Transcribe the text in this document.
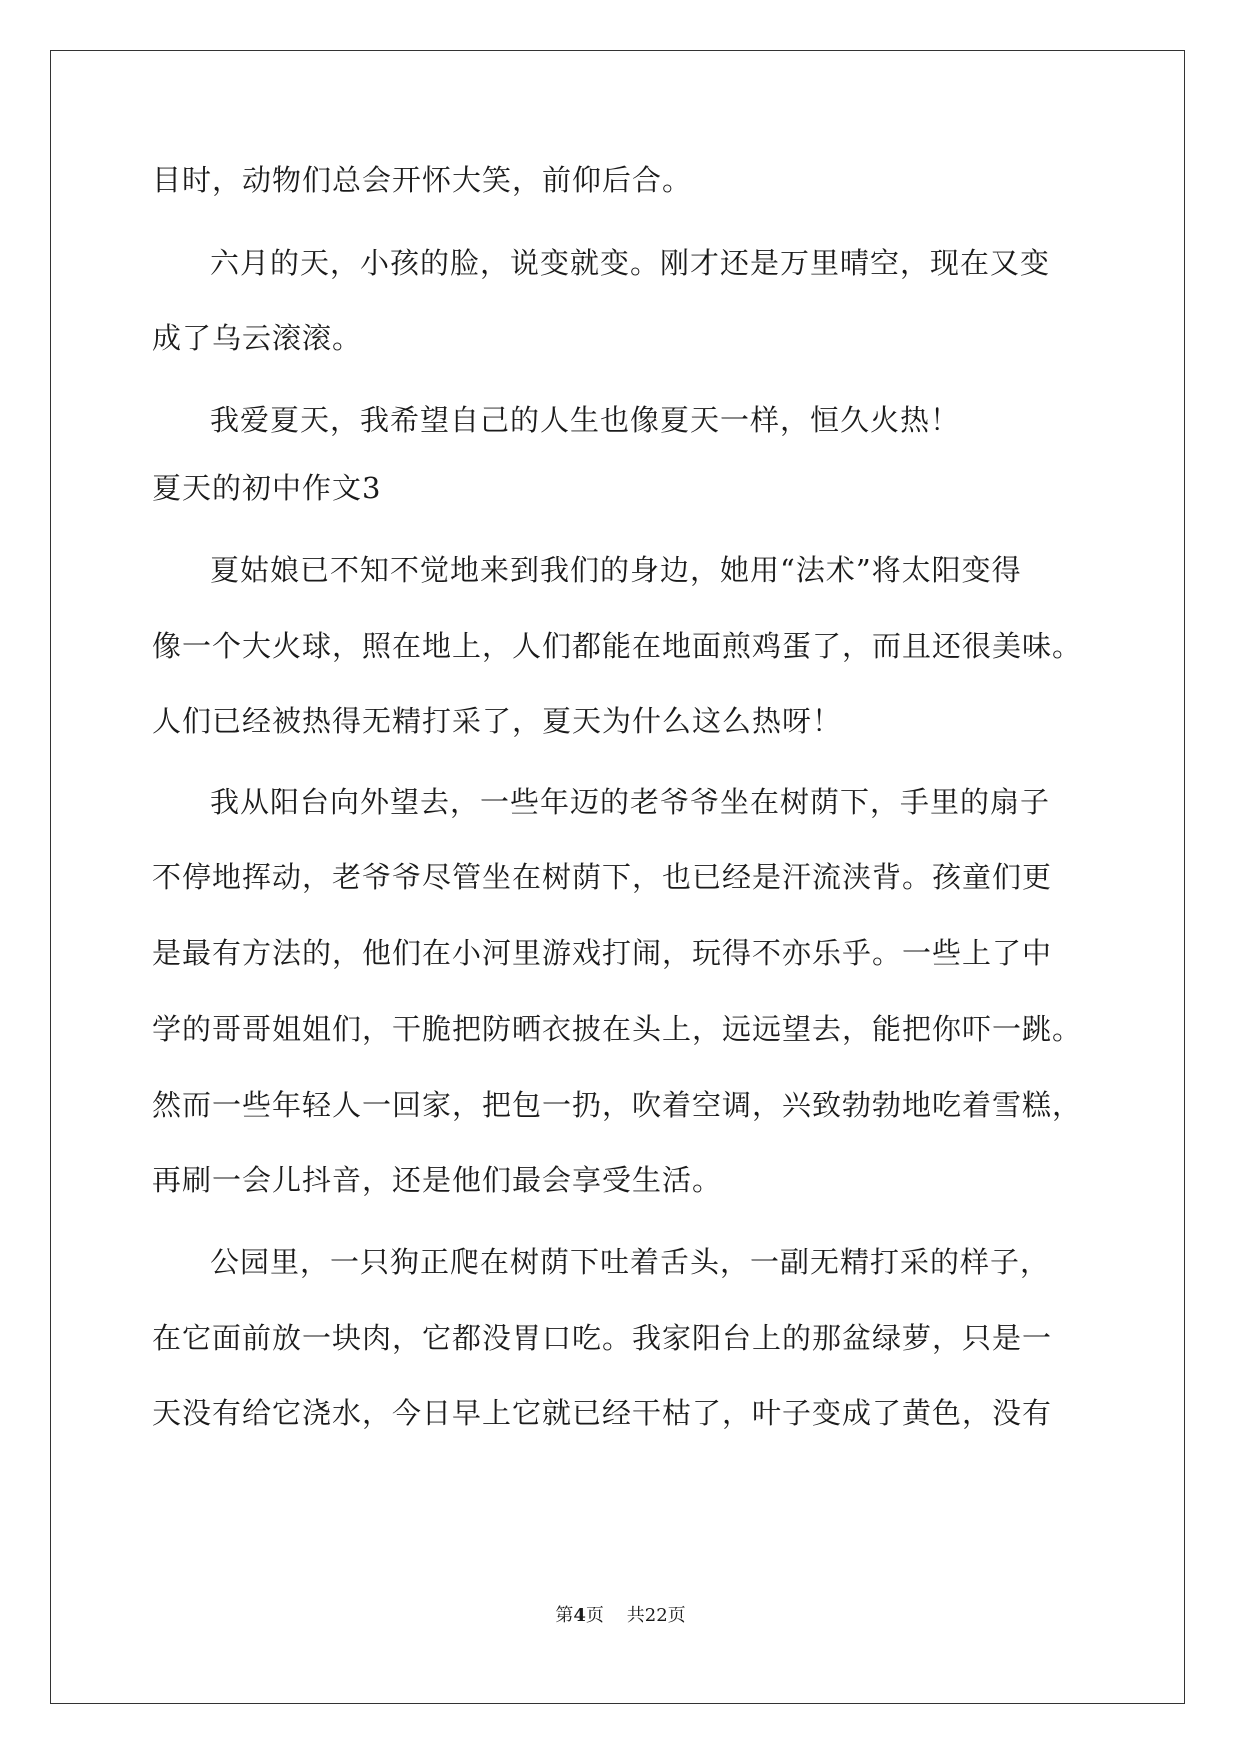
目时，动物们总会开怀大笑，前仰后合。
六月的天，小孩的脸，说变就变。刚才还是万里晴空，现在又变
成了乌云滚滚。
我爱夏天，我希望自己的人生也像夏天一样，恒久火热！
夏天的初中作文3
夏姑娘已不知不觉地来到我们的身边，她用“法术”将太阳变得
像一个大火球，照在地上，人们都能在地面煎鸡蛋了，而且还很美味。
人们已经被热得无精打采了，夏天为什么这么热呀！
我从阳台向外望去，一些年迈的老爷爷坐在树荫下，手里的扇子
不停地挥动，老爷爷尽管坐在树荫下，也已经是汗流浃背。孩童们更
是最有方法的，他们在小河里游戏打闹，玩得不亦乐乎。一些上了中
学的哥哥姐姐们，干脆把防晒衣披在头上，远远望去，能把你吓一跳。
然而一些年轻人一回家，把包一扔，吹着空调，兴致勃勃地吃着雪糕，
再刷一会儿抖音，还是他们最会享受生活。
公园里，一只狗正爬在树荫下吐着舌头，一副无精打采的样子，
在它面前放一块肉，它都没胃口吃。我家阳台上的那盆绿萝，只是一
天没有给它浇水，今日早上它就已经干枯了，叶子变成了黄色，没有
第4页 共22页
